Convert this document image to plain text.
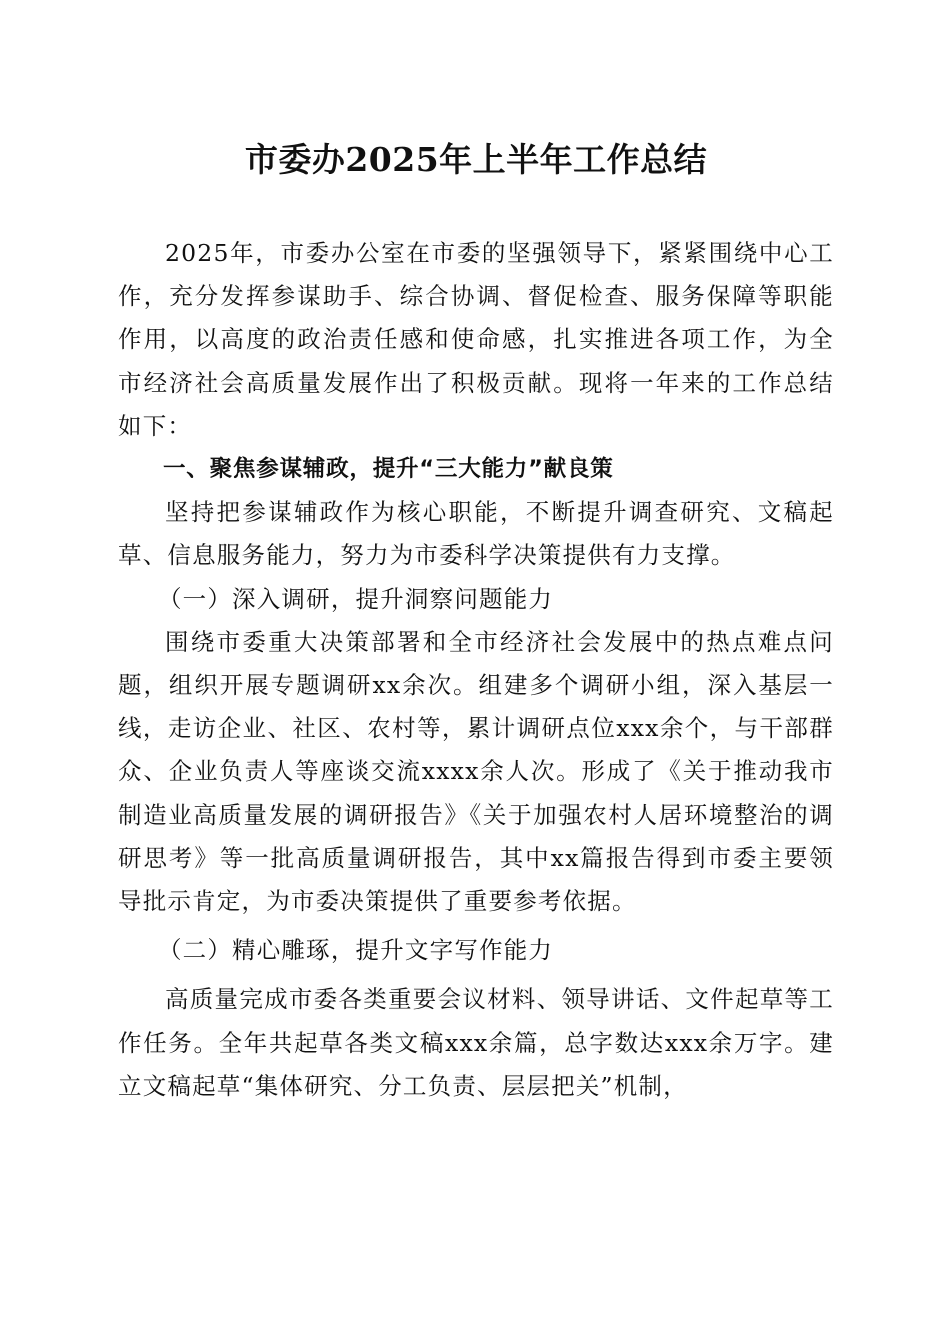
市委办2025年上半年工作总结

2025年，市委办公室在市委的坚强领导下，紧紧围绕中心工作，充分发挥参谋助手、综合协调、督促检查、服务保障等职能作用，以高度的政治责任感和使命感，扎实推进各项工作，为全市经济社会高质量发展作出了积极贡献。现将一年来的工作总结如下：

一、聚焦参谋辅政，提升“三大能力”献良策

坚持把参谋辅政作为核心职能，不断提升调查研究、文稿起草、信息服务能力，努力为市委科学决策提供有力支撑。

（一）深入调研，提升洞察问题能力

围绕市委重大决策部署和全市经济社会发展中的热点难点问题，组织开展专题调研xx余次。组建多个调研小组，深入基层一线，走访企业、社区、农村等，累计调研点位xxx余个，与干部群众、企业负责人等座谈交流xxxx余人次。形成了《关于推动我市制造业高质量发展的调研报告》《关于加强农村人居环境整治的调研思考》等一批高质量调研报告，其中xx篇报告得到市委主要领导批示肯定，为市委决策提供了重要参考依据。

（二）精心雕琢，提升文字写作能力

高质量完成市委各类重要会议材料、领导讲话、文件起草等工作任务。全年共起草各类文稿xxx余篇，总字数达xxx余万字。建立文稿起草“集体研究、分工负责、层层把关”机制，
